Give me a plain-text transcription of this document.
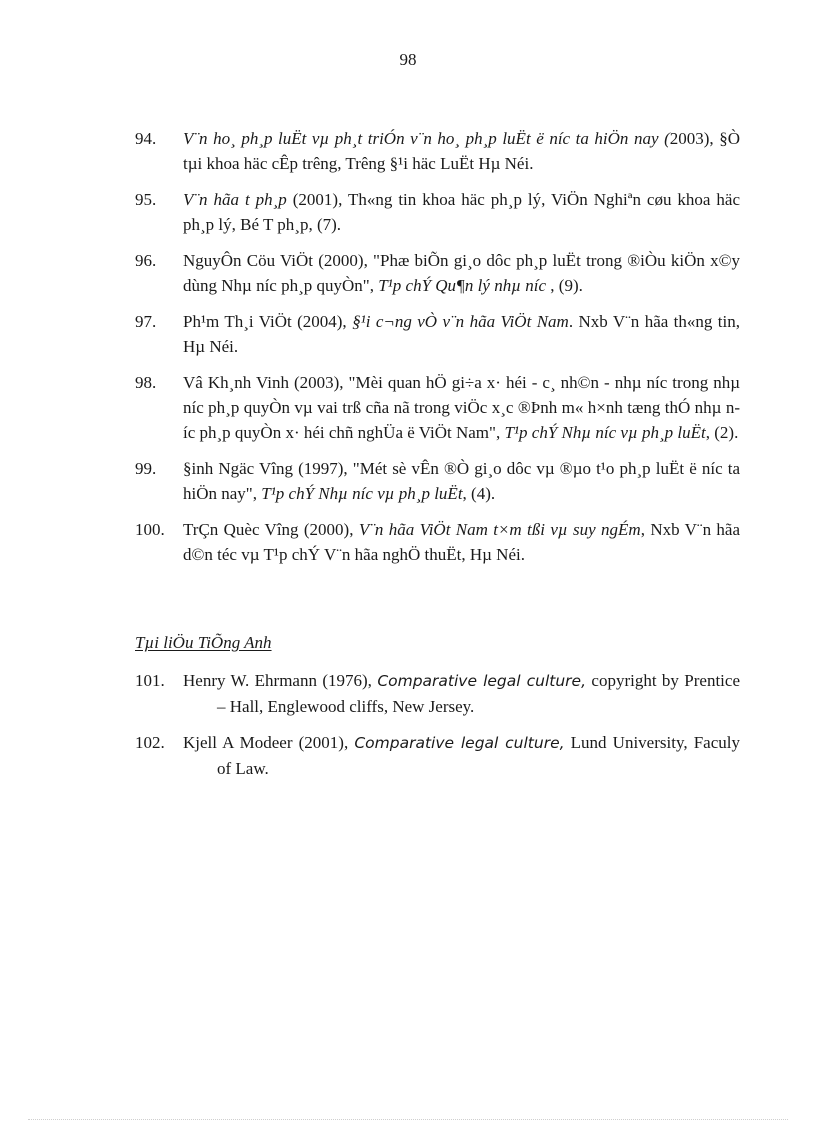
98
94. V¨n ho¸ ph¸p luËt vµ ph¸t triÓn v¨n ho¸ ph¸p luËt ë níc ta hiÖn nay (2003), §Ò tµi khoa häc cÊp trêng, Trêng §¹i häc LuËt Hµ Néi.
95. V¨n hãa t ph¸p (2001), Th«ng tin khoa häc ph¸p lý, ViÖn Nghiªn cøu khoa häc ph¸p lý, Bé T ph¸p, (7).
96. NguyÔn Cöu ViÖt (2000), "Phæ biÕn gi¸o dôc ph¸p luËt trong ®iÒu kiÖn x©y dùng Nhµ níc ph¸p quyÒn", T¹p chÝ Qu¶n lý nhµ níc , (9).
97. Ph¹m Th¸i ViÖt (2004), §¹i c¬ng vÒ v¨n hãa ViÖt Nam. Nxb V¨n hãa th«ng tin, Hµ Néi.
98. Vâ Kh¸nh Vinh (2003), "Mèi quan hÖ gi÷a x· héi - c¸ nh©n - nhµ níc trong nhµ níc ph¸p quyÒn vµ vai trß cña nã trong viÖc x¸c ®Þnh m« h×nh tæng thÓ nhµ níc ph¸p quyÒn x· héi chñ nghÜa ë ViÖt Nam", T¹p chÝ Nhµ níc vµ ph¸p luËt, (2).
99. §inh Ngäc Vîng (1997), "Mét sè vÊn ®Ò gi¸o dôc vµ ®µo t¹o ph¸p luËt ë níc ta hiÖn nay", T¹p chÝ Nhµ níc vµ ph¸p luËt, (4).
100. TrÇn Quèc Vîng (2000), V¨n hãa ViÖt Nam t×m tßi vµ suy ngÉm, Nxb V¨n hãa d©n téc vµ T¹p chÝ V¨n hãa nghÖ thuËt, Hµ Néi.
Tµi liÖu TiÕng Anh
101. Henry W. Ehrmann (1976), Comparative legal culture, copyright by Prentice – Hall, Englewood cliffs, New Jersey.
102. Kjell A Modeer (2001), Comparative legal culture, Lund University, Faculy of Law.
